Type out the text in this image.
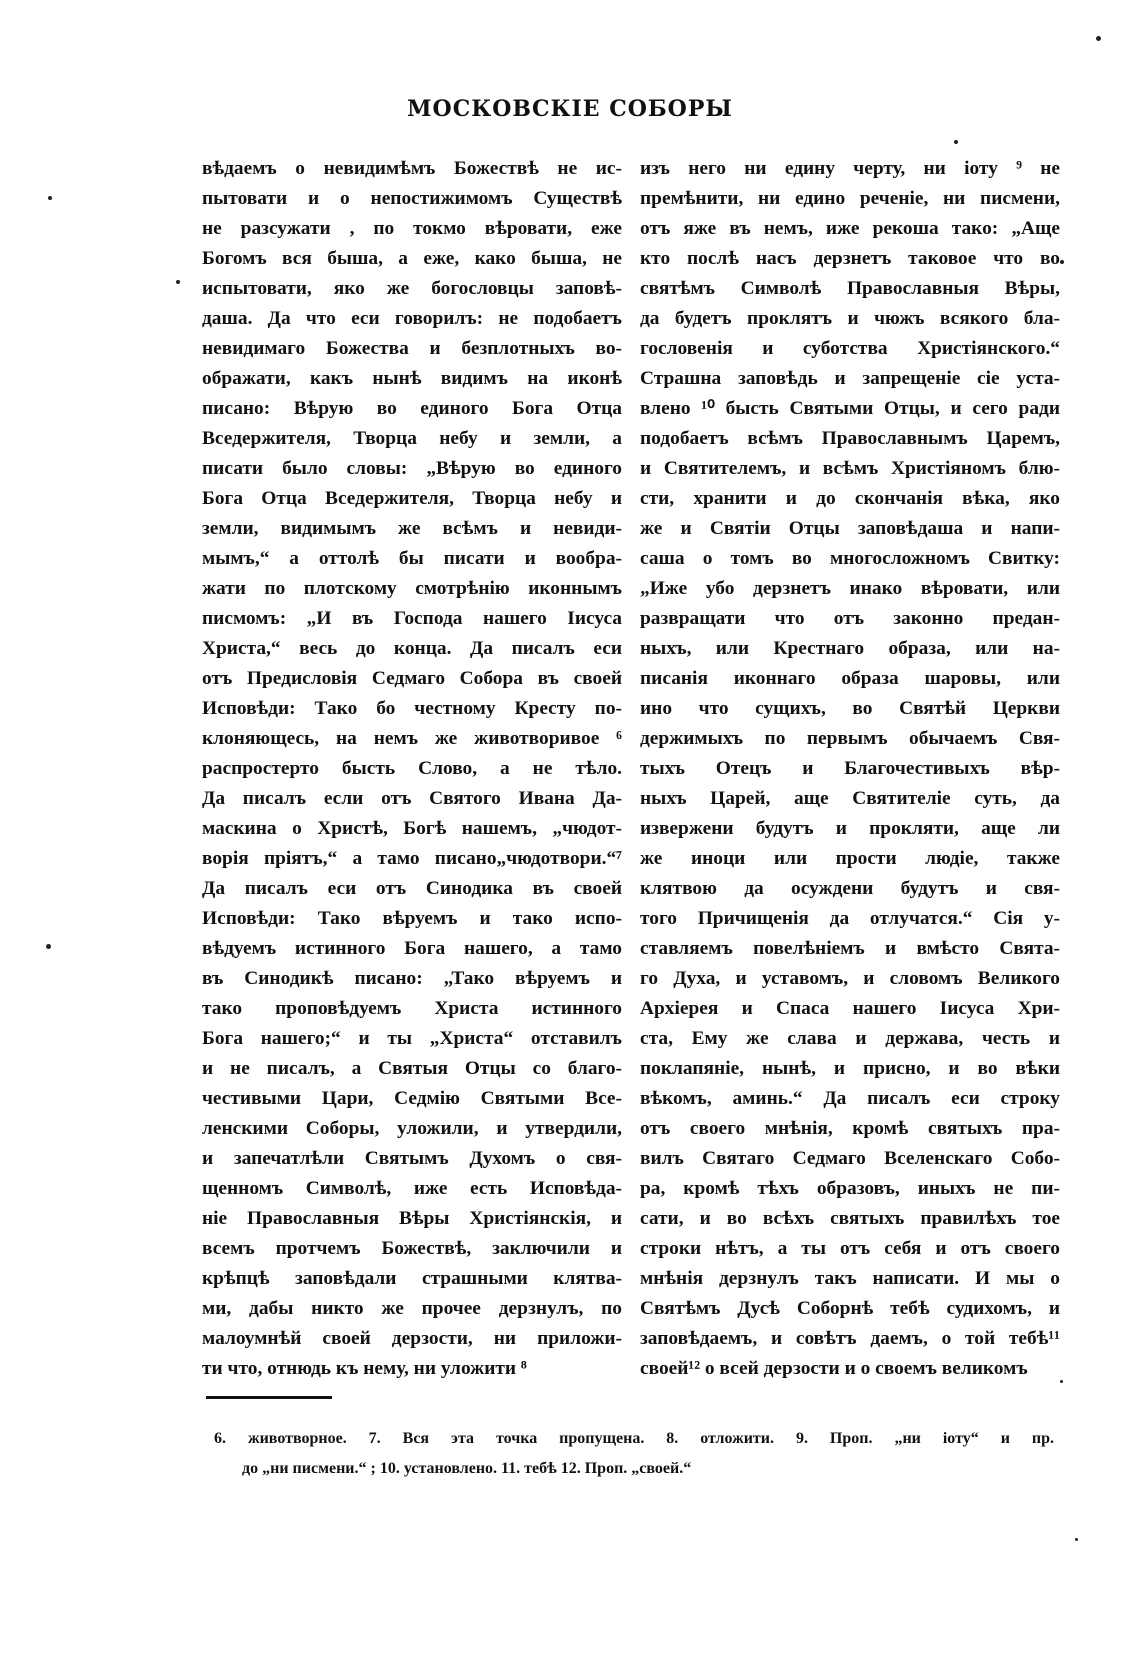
МОСКОВСКІЕ СОБОРЫ
вѣдаемъ о невидимѣмъ Божествѣ не ис-
пытовати и о непостижимомъ Существѣ
не разсужати , по токмо вѣровати, еже
Богомъ вся быша, а еже, како быша, не
испытовати, яко же богословцы заповѣ-
даша. Да что еси говорилъ: не подобаетъ
невидимаго Божества и безплотныхъ во-
ображати, какъ нынѣ видимъ на иконѣ
писано: Вѣрую во единого Бога Отца
Вседержителя, Творца небу и земли, а
писати было словы: „Вѣрую во единого
Бога Отца Вседержителя, Творца небу и
земли, видимымъ же всѣмъ и невиди-
мымъ,“ а оттолѣ бы писати и вообра-
жати по плотскому смотрѣнію иконнымъ
писмомъ: „И въ Господа нашего Іисуса
Христа,“ весь до конца. Да писалъ еси
отъ Предисловія Седмаго Собора въ своей
Исповѣди: Тако бо честному Кресту по-
клоняющесь, на немъ же животворивое ⁶
распростерто бысть Слово, а не тѣло.
Да писалъ если отъ Святого Ивана Да-
маскина о Христѣ, Богѣ нашемъ, „чюдот-
ворія пріятъ,“ а тамо писано„чюдотвори.“⁷
Да писалъ еси отъ Синодика въ своей
Исповѣди: Тако вѣруемъ и тако испо-
вѣдуемъ истинного Бога нашего, а тамо
въ Синодикѣ писано: „Тако вѣруемъ и
тако проповѣдуемъ Христа истинного
Бога нашего;“ и ты „Христа“ отставилъ
и не писалъ, а Святыя Отцы со благо-
честивыми Цари, Седмію Святыми Все-
ленскими Соборы, уложили, и утвердили,
и запечатлѣли Святымъ Духомъ о свя-
щенномъ Символѣ, иже есть Исповѣда-
ніе Православныя Вѣры Христіянскія, и
всемъ протчемъ Божествѣ, заключили и
крѣпцѣ заповѣдали страшными клятва-
ми, дабы никто же прочее дерзнулъ, по
малоумнѣй своей дерзости, ни приложи-
ти что, отнюдь къ нему, ни уложити ⁸
изъ него ни едину черту, ни іоту ⁹ не
премѣнити, ни едино реченіе, ни писмени,
отъ яже въ немъ, иже рекоша тако: „Аще
кто послѣ насъ дерзнетъ таковое что во
святѣмъ Символѣ Православныя Вѣры,
да будетъ проклятъ и чюжъ всякого бла-
гословенія и суботства Христіянского.“
Страшна заповѣдь и запрещеніе сіе уста-
влено ¹⁰ бысть Святыми Отцы, и сего ради
подобаетъ всѣмъ Православнымъ Царемъ,
и Святителемъ, и всѣмъ Христіяномъ блю-
сти, хранити и до скончанія вѣка, яко
же и Святіи Отцы заповѣдаша и напи-
саша о томъ во многосложномъ Свитку:
„Иже убо дерзнетъ инако вѣровати, или
развращати что отъ законно предан-
ныхъ, или Крестнаго образа, или на-
писанія иконнаго образа шаровы, или
ино что сущихъ, во Святѣй Церкви
держимыхъ по первымъ обычаемъ Свя-
тыхъ Отецъ и Благочестивыхъ вѣр-
ныхъ Царей, аще Святителіе суть, да
извержени будутъ и прокляти, аще ли
же иноци или прости людіе, также
клятвою да осуждени будутъ и свя-
того Причищенія да отлучатся.“ Сія у-
ставляемъ повелѣніемъ и вмѣсто Свята-
го Духа, и уставомъ, и словомъ Великого
Архіерея и Спаса нашего Іисуса Хри-
ста, Ему же слава и держава, честь и
поклапяніе, нынѣ, и присно, и во вѣки
вѣкомъ, аминь.“ Да писалъ еси строку
отъ своего мнѣнія, кромѣ святыхъ пра-
вилъ Святаго Седмаго Вселенскаго Собо-
ра, кромѣ тѣхъ образовъ, иныхъ не пи-
сати, и во всѣхъ святыхъ правилѣхъ тое
строки нѣтъ, а ты отъ себя и отъ своего
мнѣнія дерзнулъ такъ написати. И мы о
Святѣмъ Дусѣ Соборнѣ тебѣ судихомъ, и
заповѣдаемъ, и совѣтъ даемъ, о той тебѣ¹¹
своей¹² о всей дерзости и о своемъ великомъ
6. животворное. 7. Вся эта точка пропущена. 8. отложити. 9. Проп. „ни іоту“ и пр.
до „ни писмени.“ ; 10. установлено. 11. тебѣ 12. Проп. „своей.“
